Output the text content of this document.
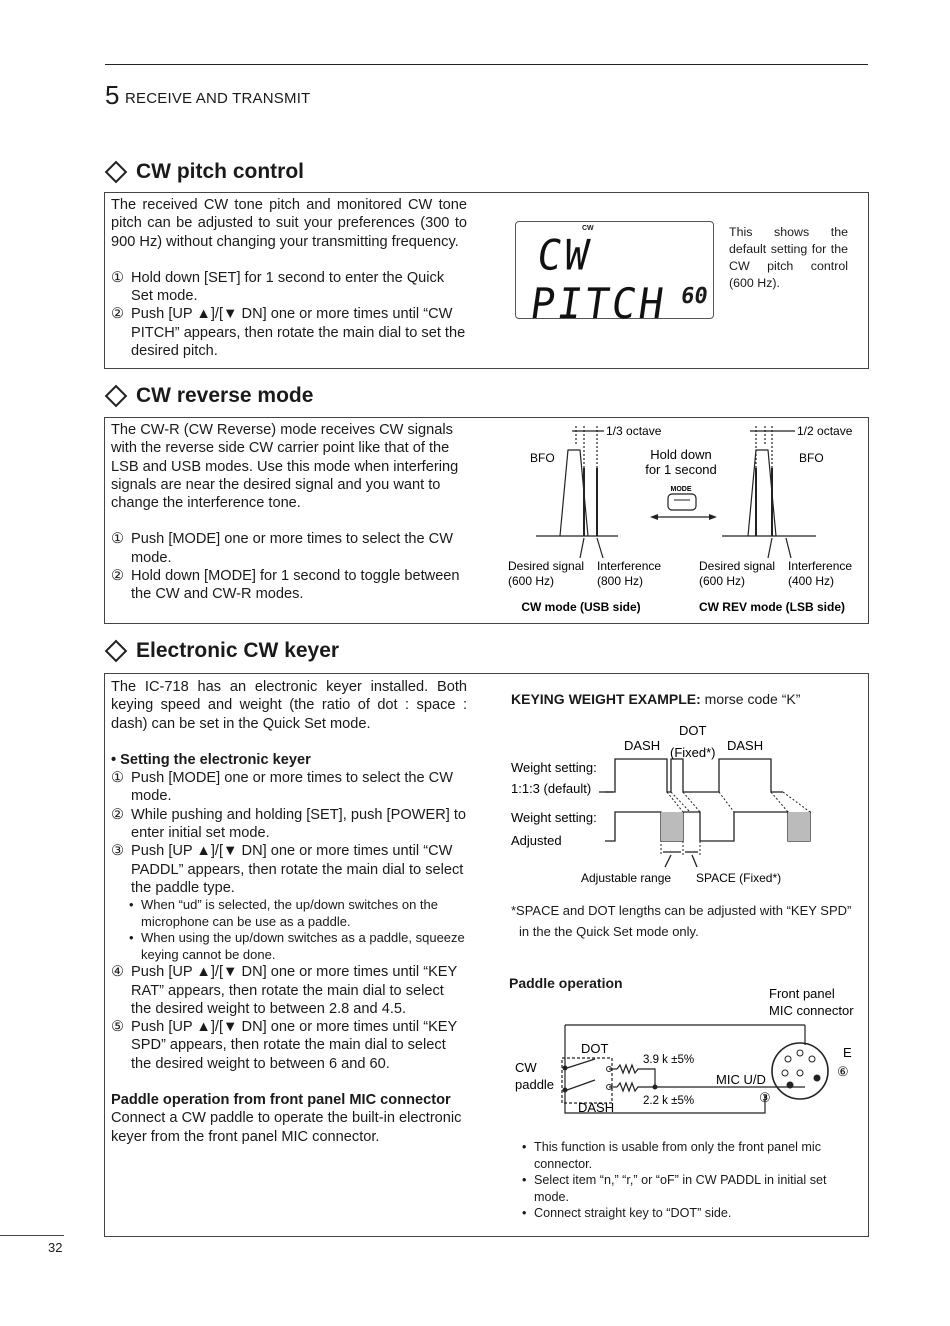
5 RECEIVE AND TRANSMIT
CW pitch control

The received CW tone pitch and monitored CW tone pitch can be adjusted to suit your preferences (300 to 900 Hz) without changing your transmitting frequency.

① Hold down [SET] for 1 second to enter the Quick Set mode.
② Push [UP ▲]/[▼ DN] one or more times until “CW PITCH” appears, then rotate the main dial to set the desired pitch.
CW
CW PITCH 60
This shows the default setting for the CW pitch control (600 Hz).
CW reverse mode

The CW-R (CW Reverse) mode receives CW signals with the reverse side CW carrier point like that of the LSB and USB modes. Use this mode when interfering signals are near the desired signal and you want to change the interference tone.

① Push [MODE] one or more times to select the CW mode.
② Hold down [MODE] for 1 second to toggle between the CW and CW-R modes.
1/3 octave	1/2 octave
BFO	BFO
Hold down
for 1 second
MODE
Desired signal
(600 Hz)
Interference
(800 Hz)
Desired signal
(600 Hz)
Interference
(400 Hz)
CW mode (USB side)	CW REV mode (LSB side)
Electronic CW keyer

The IC-718 has an electronic keyer installed. Both keying speed and weight (the ratio of dot : space : dash) can be set in the Quick Set mode.

• Setting the electronic keyer

① Push [MODE] one or more times to select the CW mode.
② While pushing and holding [SET], push [POWER] to enter initial set mode.
③ Push [UP ▲]/[▼ DN] one or more times until “CW PADDL” appears, then rotate the main dial to select the paddle type.
• When “ud” is selected, the up/down switches on the microphone can be use as a paddle.
• When using the up/down switches as a paddle, squeeze keying cannot be done.
④ Push [UP ▲]/[▼ DN] one or more times until “KEY RAT” appears, then rotate the main dial to select the desired weight to between 2.8 and 4.5.
⑤ Push [UP ▲]/[▼ DN] one or more times until “KEY SPD” appears, then rotate the main dial to select the desired weight to between 6 and 60.

Paddle operation from front panel MIC connector

Connect a CW paddle to operate the built-in electronic keyer from the front panel MIC connector.

KEYING WEIGHT EXAMPLE: morse code “K”
DASH
DOT
(Fixed*) DASH
Weight setting:
1:1:3 (default)
Weight setting:
Adjusted
Adjustable range SPACE (Fixed*)
*SPACE and DOT lengths can be adjusted with “KEY SPD”
in the the Quick Set mode only.
Paddle operation
Front panel
MIC connector
DOT
DASH
CW
paddle
3.9 k ±5%
2.2 k ±5%
MIC U/D
③
⑥
E
• This function is usable from only the front panel mic connector.
• Select item “n,” “r,” or “oF” in CW PADDL in initial set mode.
• Connect straight key to “DOT” side.
32
